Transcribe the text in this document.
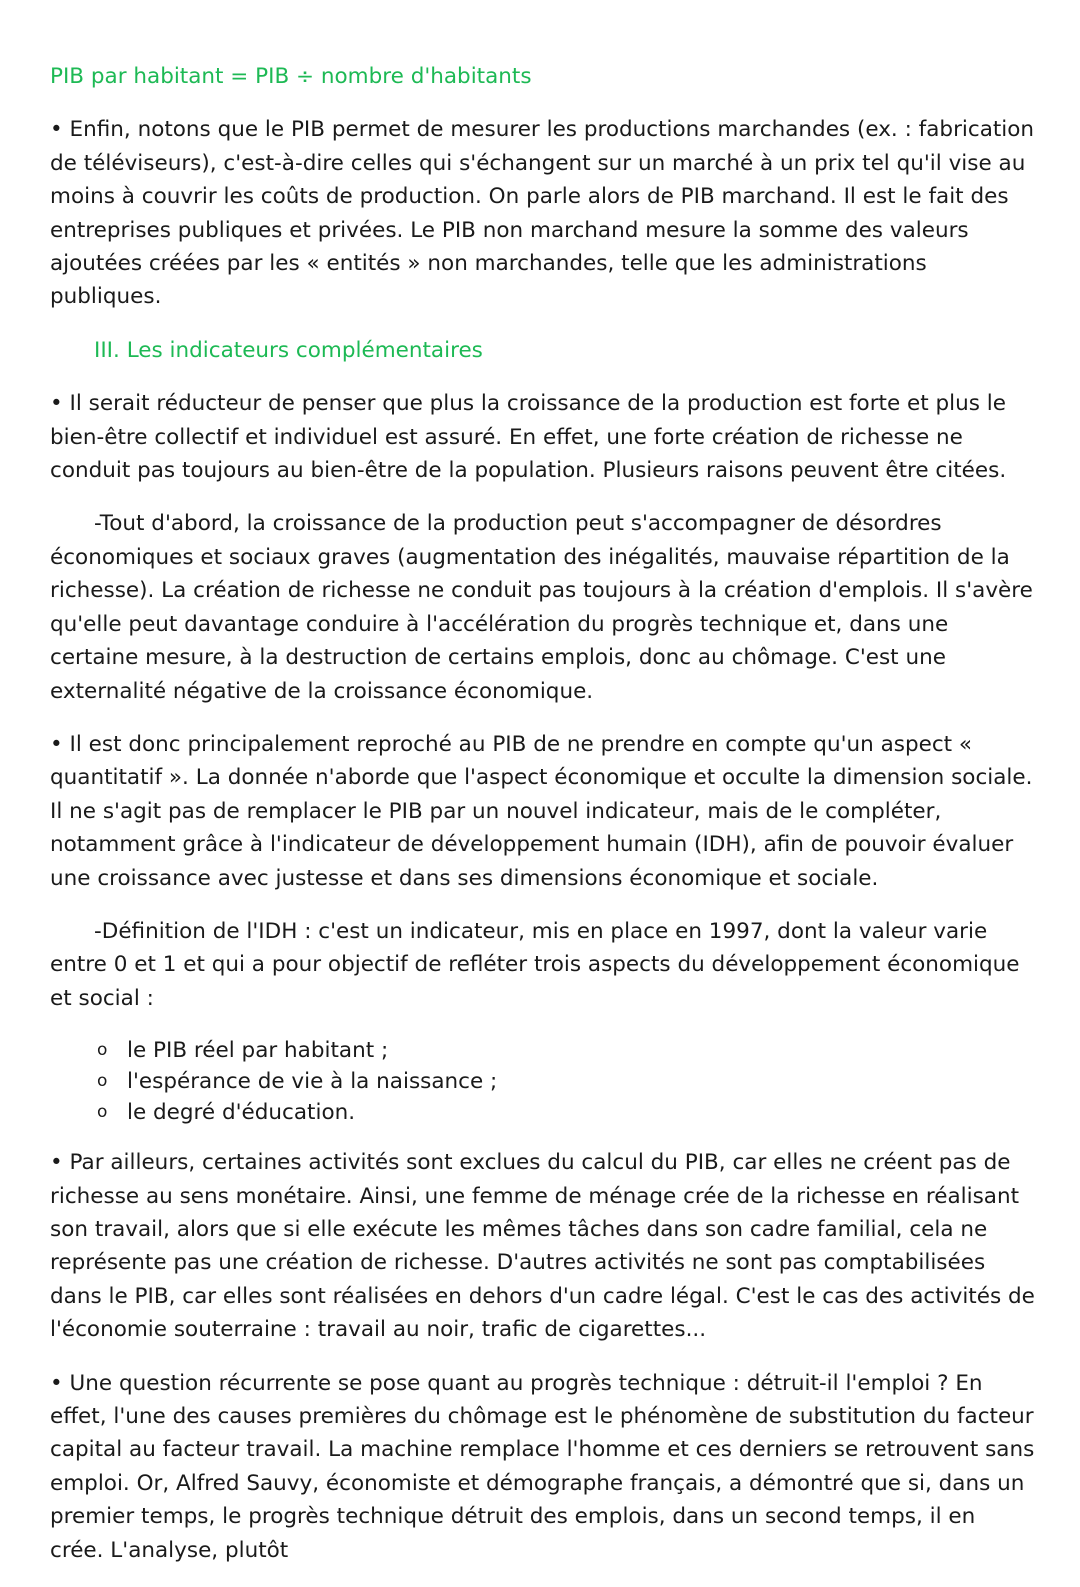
PIB par habitant = PIB ÷ nombre d'habitants

• Enfin, notons que le PIB permet de mesurer les productions marchandes (ex. : fabrication de téléviseurs), c'est-à-dire celles qui s'échangent sur un marché à un prix tel qu'il vise au moins à couvrir les coûts de production. On parle alors de PIB marchand. Il est le fait des entreprises publiques et privées. Le PIB non marchand mesure la somme des valeurs ajoutées créées par les « entités » non marchandes, telle que les administrations publiques.

III. Les indicateurs complémentaires

• Il serait réducteur de penser que plus la croissance de la production est forte et plus le bien-être collectif et individuel est assuré. En effet, une forte création de richesse ne conduit pas toujours au bien-être de la population. Plusieurs raisons peuvent être citées.

-Tout d'abord, la croissance de la production peut s'accompagner de désordres économiques et sociaux graves (augmentation des inégalités, mauvaise répartition de la richesse). La création de richesse ne conduit pas toujours à la création d'emplois. Il s'avère qu'elle peut davantage conduire à l'accélération du progrès technique et, dans une certaine mesure, à la destruction de certains emplois, donc au chômage. C'est une externalité négative de la croissance économique.

• Il est donc principalement reproché au PIB de ne prendre en compte qu'un aspect « quantitatif ». La donnée n'aborde que l'aspect économique et occulte la dimension sociale. Il ne s'agit pas de remplacer le PIB par un nouvel indicateur, mais de le compléter, notamment grâce à l'indicateur de développement humain (IDH), afin de pouvoir évaluer une croissance avec justesse et dans ses dimensions économique et sociale.

-Définition de l'IDH : c'est un indicateur, mis en place en 1997, dont la valeur varie entre 0 et 1 et qui a pour objectif de refléter trois aspects du développement économique et social :

o le PIB réel par habitant ;
o l'espérance de vie à la naissance ;
o le degré d'éducation.

• Par ailleurs, certaines activités sont exclues du calcul du PIB, car elles ne créent pas de richesse au sens monétaire. Ainsi, une femme de ménage crée de la richesse en réalisant son travail, alors que si elle exécute les mêmes tâches dans son cadre familial, cela ne représente pas une création de richesse. D'autres activités ne sont pas comptabilisées dans le PIB, car elles sont réalisées en dehors d'un cadre légal. C'est le cas des activités de l'économie souterraine : travail au noir, trafic de cigarettes...

• Une question récurrente se pose quant au progrès technique : détruit-il l'emploi ? En effet, l'une des causes premières du chômage est le phénomène de substitution du facteur capital au facteur travail. La machine remplace l'homme et ces derniers se retrouvent sans emploi. Or, Alfred Sauvy, économiste et démographe français, a démontré que si, dans un premier temps, le progrès technique détruit des emplois, dans un second temps, il en crée. L'analyse, plutôt
